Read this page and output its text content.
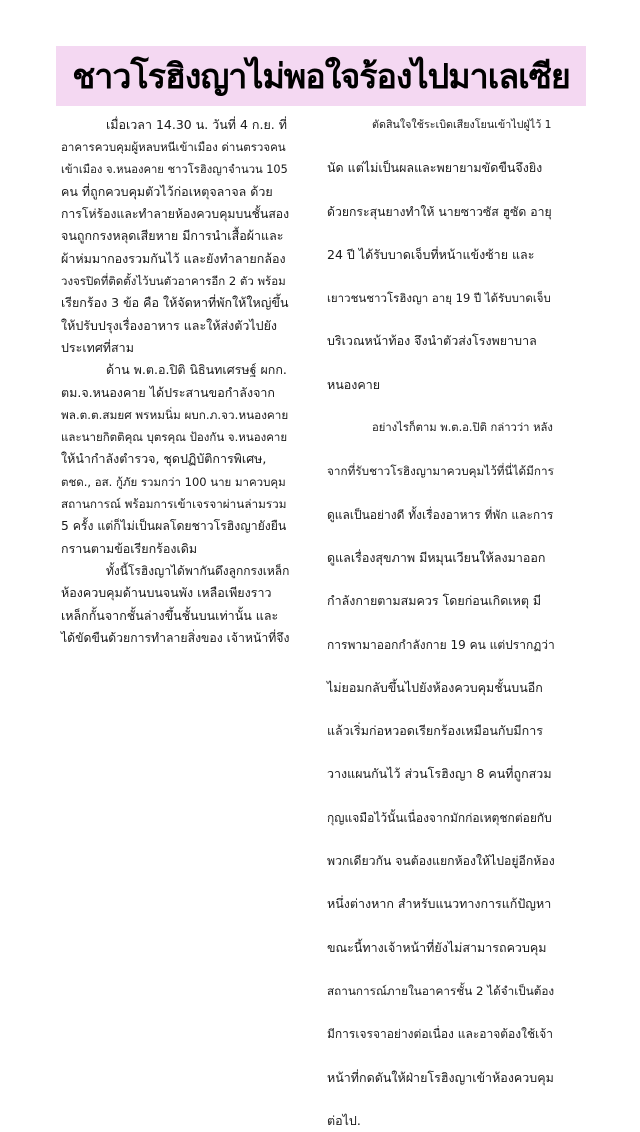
ชาวโรฮิงญาไม่พอใจร้องไปมาเลเซีย

เมื่อเวลา 14.30 น. วันที่ 4 ก.ย. ที่

อาคารควบคุมผู้หลบหนีเข้าเมือง ด่านตรวจคน

เข้าเมือง จ.หนองคาย ชาวโรฮิงญาจำนวน 105

คน ที่ถูกควบคุมตัวไว้ก่อเหตุจลาจล ด้วย

การโห่ร้องและทำลายห้องควบคุมบนชั้นสอง

จนถูกกรงหลุดเสียหาย มีการนำเสื้อผ้าและ

ผ้าห่มมากองรวมกันไว้ และยังทำลายกล้อง

วงจรปิดที่ติดตั้งไว้บนตัวอาคารอีก 2 ตัว พร้อม

เรียกร้อง 3 ข้อ คือ ให้จัดหาที่พักให้ใหญ่ขึ้น

ให้ปรับปรุงเรื่องอาหาร และให้ส่งตัวไปยัง

ประเทศที่สาม

ด้าน พ.ต.อ.ปิติ นิธินทเศรษฐ์ ผกก.

ตม.จ.หนองคาย ได้ประสานขอกำลังจาก

พล.ต.ต.สมยศ พรหมนิ่ม ผบก.ภ.จว.หนองคาย

และนายกิตติคุณ บุตรคุณ ป้องกัน จ.หนองคาย

ให้นำกำลังตำรวจ, ชุดปฏิบัติการพิเศษ,

ตชด., อส. กู้ภัย รวมกว่า 100 นาย มาควบคุม

สถานการณ์ พร้อมการเข้าเจรจาผ่านล่ามรวม

5 ครั้ง แต่ก็ไม่เป็นผลโดยชาวโรฮิงญายังยืน

กรานตามข้อเรียกร้องเดิม

ทั้งนี้โรฮิงญาได้พากันดึงลูกกรงเหล็ก

ห้องควบคุมด้านบนจนพัง เหลือเพียงราว

เหล็กกั้นจากชั้นล่างขึ้นชั้นบนเท่านั้น และ

ได้ขัดขืนด้วยการทำลายสิ่งของ เจ้าหน้าที่จึง

ตัดสินใจใช้ระเบิดเสียงโยนเข้าไปฝู่ไว้ 1

นัด แต่ไม่เป็นผลและพยายามขัดขืนจึงยิง

ด้วยกระสุนยางทำให้ นายซาวซัส ฮูซัด อายุ

24 ปี ได้รับบาดเจ็บที่หน้าแข้งซ้าย และ

เยาวชนชาวโรฮิงญา อายุ 19 ปี ได้รับบาดเจ็บ

บริเวณหน้าท้อง จึงนำตัวส่งโรงพยาบาล

หนองคาย

อย่างไรก็ตาม พ.ต.อ.ปิติ กล่าวว่า หลัง

จากที่รับชาวโรฮิงญามาควบคุมไว้ที่นี่ได้มีการ

ดูแลเป็นอย่างดี ทั้งเรื่องอาหาร ที่พัก และการ

ดูแลเรื่องสุขภาพ มีหมุนเวียนให้ลงมาออก

กำลังกายตามสมควร โดยก่อนเกิดเหตุ มี

การพามาออกกำลังกาย 19 คน แต่ปรากฏว่า

ไม่ยอมกลับขึ้นไปยังห้องควบคุมชั้นบนอีก

แล้วเริ่มก่อหวอดเรียกร้องเหมือนกับมีการ

วางแผนกันไว้ ส่วนโรฮิงญา 8 คนที่ถูกสวม

กุญแจมือไว้นั้นเนื่องจากมักก่อเหตุชกต่อยกับ

พวกเดียวกัน จนต้องแยกห้องให้ไปอยู่อีกห้อง

หนึ่งต่างหาก สำหรับแนวทางการแก้ปัญหา

ขณะนี้ทางเจ้าหน้าที่ยังไม่สามารถควบคุม

สถานการณ์ภายในอาคารชั้น 2 ได้จำเป็นต้อง

มีการเจรจาอย่างต่อเนื่อง และอาจต้องใช้เจ้า

หน้าที่กดดันให้ฝ่ายโรฮิงญาเข้าห้องควบคุม

ต่อไป.
